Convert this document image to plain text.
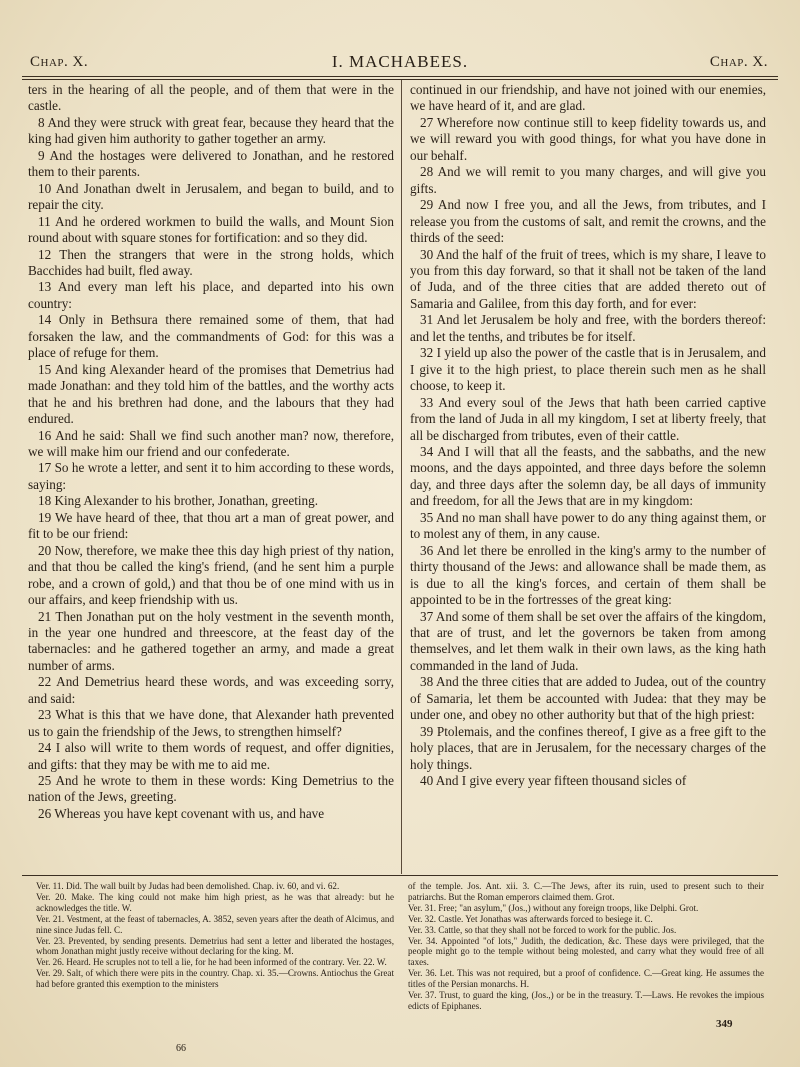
Chap. X.	I. MACHABEES.	Chap. X.

ters in the hearing of all the people, and of them that were in the castle.

8 And they were struck with great fear, because they heard that the king had given him authority to gather together an army.

9 And the hostages were delivered to Jonathan, and he restored them to their parents.

10 And Jonathan dwelt in Jerusalem, and began to build, and to repair the city.

11 And he ordered workmen to build the walls, and Mount Sion round about with square stones for fortification: and so they did.

12 Then the strangers that were in the strong holds, which Bacchides had built, fled away.

13 And every man left his place, and departed into his own country:

14 Only in Bethsura there remained some of them, that had forsaken the law, and the commandments of God: for this was a place of refuge for them.

15 And king Alexander heard of the promises that Demetrius had made Jonathan: and they told him of the battles, and the worthy acts that he and his brethren had done, and the labours that they had endured.

16 And he said: Shall we find such another man? now, therefore, we will make him our friend and our confederate.

17 So he wrote a letter, and sent it to him according to these words, saying:

18 King Alexander to his brother, Jonathan, greeting.

19 We have heard of thee, that thou art a man of great power, and fit to be our friend:

20 Now, therefore, we make thee this day high priest of thy nation, and that thou be called the king's friend, (and he sent him a purple robe, and a crown of gold,) and that thou be of one mind with us in our affairs, and keep friendship with us.

21 Then Jonathan put on the holy vestment in the seventh month, in the year one hundred and threescore, at the feast day of the tabernacles: and he gathered together an army, and made a great number of arms.

22 And Demetrius heard these words, and was exceeding sorry, and said:

23 What is this that we have done, that Alexander hath prevented us to gain the friendship of the Jews, to strengthen himself?

24 I also will write to them words of request, and offer dignities, and gifts: that they may be with me to aid me.

25 And he wrote to them in these words: King Demetrius to the nation of the Jews, greeting.

26 Whereas you have kept covenant with us, and have

continued in our friendship, and have not joined with our enemies, we have heard of it, and are glad.

27 Wherefore now continue still to keep fidelity towards us, and we will reward you with good things, for what you have done in our behalf.

28 And we will remit to you many charges, and will give you gifts.

29 And now I free you, and all the Jews, from tributes, and I release you from the customs of salt, and remit the crowns, and the thirds of the seed:

30 And the half of the fruit of trees, which is my share, I leave to you from this day forward, so that it shall not be taken of the land of Juda, and of the three cities that are added thereto out of Samaria and Galilee, from this day forth, and for ever:

31 And let Jerusalem be holy and free, with the borders thereof: and let the tenths, and tributes be for itself.

32 I yield up also the power of the castle that is in Jerusalem, and I give it to the high priest, to place therein such men as he shall choose, to keep it.

33 And every soul of the Jews that hath been carried captive from the land of Juda in all my kingdom, I set at liberty freely, that all be discharged from tributes, even of their cattle.

34 And I will that all the feasts, and the sabbaths, and the new moons, and the days appointed, and three days before the solemn day, and three days after the solemn day, be all days of immunity and freedom, for all the Jews that are in my kingdom:

35 And no man shall have power to do any thing against them, or to molest any of them, in any cause.

36 And let there be enrolled in the king's army to the number of thirty thousand of the Jews: and allowance shall be made them, as is due to all the king's forces, and certain of them shall be appointed to be in the fortresses of the great king:

37 And some of them shall be set over the affairs of the kingdom, that are of trust, and let the governors be taken from among themselves, and let them walk in their own laws, as the king hath commanded in the land of Juda.

38 And the three cities that are added to Judea, out of the country of Samaria, let them be accounted with Judea: that they may be under one, and obey no other authority but that of the high priest:

39 Ptolemais, and the confines thereof, I give as a free gift to the holy places, that are in Jerusalem, for the necessary charges of the holy things.

40 And I give every year fifteen thousand sicles of

Ver. 11. Did. The wall built by Judas had been demolished. Chap. iv. 60, and vi. 62.

Ver. 20. Make. The king could not make him high priest, as he was that already: but he acknowledges the title. W.

Ver. 21. Vestment, at the feast of tabernacles, A. 3852, seven years after the death of Alcimus, and nine since Judas fell. C.

Ver. 23. Prevented, by sending presents. Demetrius had sent a letter and liberated the hostages, whom Jonathan might justly receive without declaring for the king. M.

Ver. 26. Heard. He scruples not to tell a lie, for he had been informed of the contrary. Ver. 22. W.

Ver. 29. Salt, of which there were pits in the country. Chap. xi. 35.—Crowns. Antiochus the Great had before granted this exemption to the ministers

of the temple. Jos. Ant. xii. 3. C.—The Jews, after its ruin, used to present such to their patriarchs. But the Roman emperors claimed them. Grot.

Ver. 31. Free; "an asylum," (Jos.,) without any foreign troops, like Delphi. Grot.

Ver. 32. Castle. Yet Jonathas was afterwards forced to besiege it. C.

Ver. 33. Cattle, so that they shall not be forced to work for the public. Jos.

Ver. 34. Appointed "of lots," Judith, the dedication, &c. These days were privileged, that the people might go to the temple without being molested, and carry what they would free of all taxes.

Ver. 36. Let. This was not required, but a proof of confidence. C.—Great king. He assumes the titles of the Persian monarchs. H.

Ver. 37. Trust, to guard the king, (Jos.,) or be in the treasury. T.—Laws. He revokes the impious edicts of Epiphanes.

66
349
